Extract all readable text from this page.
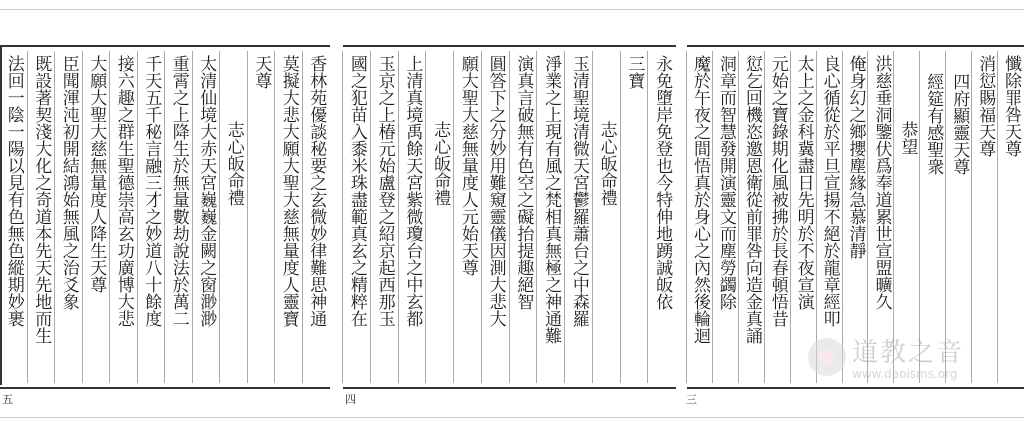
香林苑優談秘要之玄微妙律難思神通
莫擬大悲大願大聖大慈無量度人靈寶
天尊
志心皈命禮
太清仙境大赤天宮巍巍金闕之窗渺渺
重霄之上降生於無量數劫說法於萬二
千天五千秘言融三才之妙道八十餘度
接六趣之群生聖德崇高玄功廣博大悲
大願大聖大慈無量度人降生天尊
臣聞渾沌初開結鴻始無風之治爻象
既設著契淺大化之奇道本先天先地而生
法回一陰一陽以見有色無色縱期妙裹
五
永免墮岸免登也今特伸地踴誠皈依
三寶
志心皈命禮
玉清聖境清微天宮鬱羅蕭台之中森羅
淨業之上現有風之梵相真無極之神通難
演真言破無有色空之礙抬提趣絕智
圓答下之分妙用難窺靈儀因測大悲大
願大聖大慈無量度人元始天尊
志心皈命禮
上清真境禹餘天宮紫微瓊台之中玄都
玉京之上椿元始盧登之紹京起西那玉
國之犯苗入黍米珠盡範真玄之精粹在
四
懺除罪咎天尊
消愆賜福天尊
四府顯靈天尊
經筵有感聖衆
恭望
洪慈垂洞鑒伏爲奉道累世宣盟曠久
俺身幻之鄉攖塵緣急慕清靜
良心循從於平旦宣揚不絕於龍章經叩
太上之金科冀盡日先明於不夜宣演
元始之寶錄期化風被拂於長春頓悟昔
愆乞回機恣邀恩衛從前罪咎向造金真誦
洞章而智慧發開演靈文而塵勞蠲除
魔於午夜之間悟真於身心之內然後輪迴
三
道教之音
www.daoisms.org
